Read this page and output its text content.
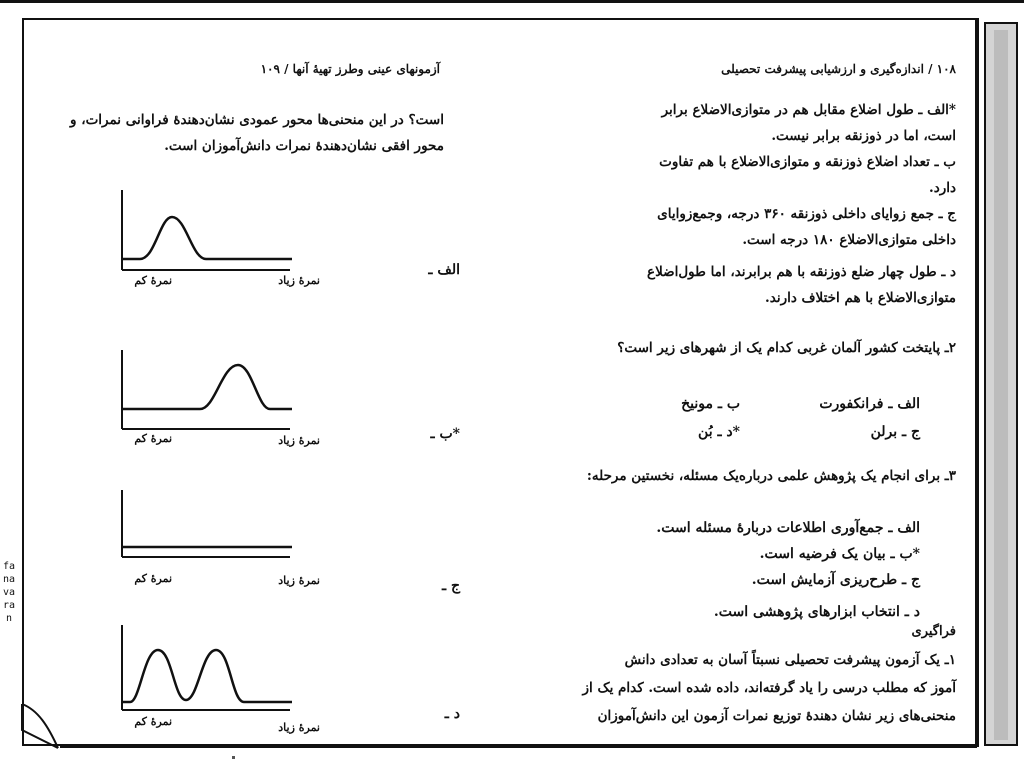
آزمونهای عینی وطرز تهیهٔ آنها / ۱۰۹
است؟ در این منحنی‌ها محور عمودی نشان‌دهندهٔ فراوانی نمرات، و
محور افقی نشان‌دهندهٔ نمرات دانش‌آموزان است.
نمرهٔ کم	نمرهٔ زیاد
الف ـ
نمرهٔ کم	نمرهٔ زیاد	*ب ـ
نمرهٔ کم	نمرهٔ زیاد	ج ـ
نمرهٔ کم	نمرهٔ زیاد
د ـ
۱۰۸ / اندازه‌گیری و ارزشیابی پیشرفت تحصیلی
*الف ـ طول اضلاع مقابل هم در متوازی‌الاضلاع برابر
است، اما در ذوزنقه برابر نیست.
ب ـ تعداد اضلاع ذوزنقه و متوازی‌الاضلاع با هم تفاوت
دارد.
ج ـ جمع زوایای داخلی ذوزنقه ۳۶۰ درجه، وجمع‌زوایای
داخلی متوازی‌الاضلاع ۱۸۰ درجه است.
د ـ طول چهار ضلع ذوزنقه با هم برابرند، اما طول‌اضلاع
متوازی‌الاضلاع با هم اختلاف دارند.
۲ـ پایتخت کشور آلمان غربی کدام یک از شهرهای زیر است؟
الف ـ فرانکفورت
ب ـ مونیخ
ج ـ برلن
*د ـ بُن
۳ـ برای انجام یک پژوهش علمی درباره‌یک مسئله، نخستین مرحله:
الف ـ جمع‌آوری اطلاعات دربارهٔ مسئله است.
*ب ـ بیان یک فرضیه است.
ج ـ طرح‌ریزی آزمایش است.
د ـ انتخاب ابزارهای پژوهشی است.
فراگیری
۱ـ یک آزمون پیشرفت تحصیلی نسبتاً آسان به تعدادی دانش‌
آموز که مطلب درسی را یاد گرفته‌اند، داده شده است. کدام یک از
منحنی‌های زیر نشان دهندهٔ توزیع نمرات آزمون این دانش‌آموزان
fanavaran
